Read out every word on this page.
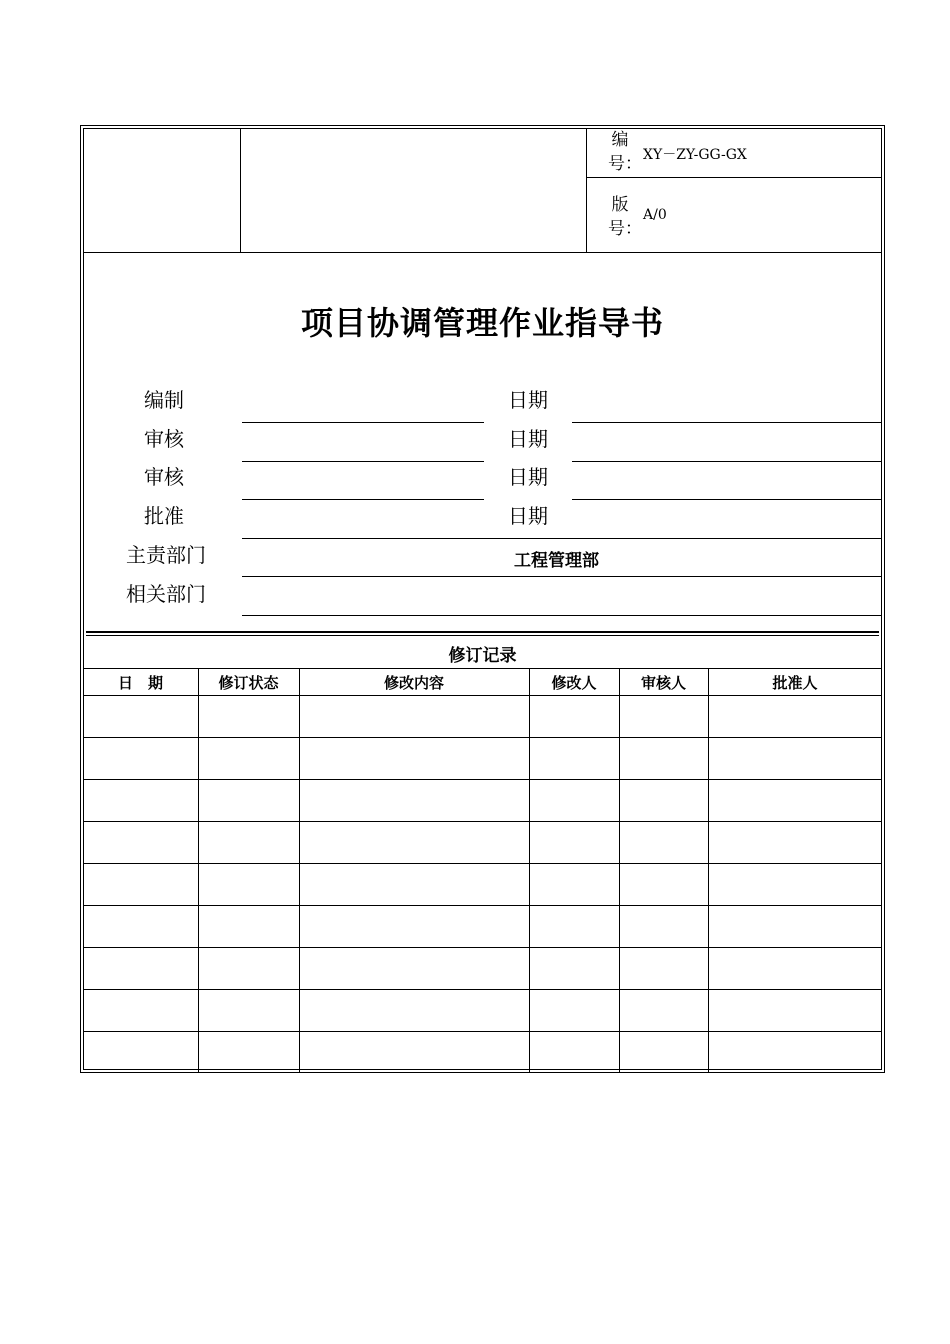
编号： XY－ZY-GG-GX
版号：
A/0
项目协调管理作业指导书
主责部门	工程管理部
相关部门
修订记录
编制	日期
审核	日期
审核	日期
批准	日期
日　期	修订状态	修改内容	修改人	审核人	批准人
